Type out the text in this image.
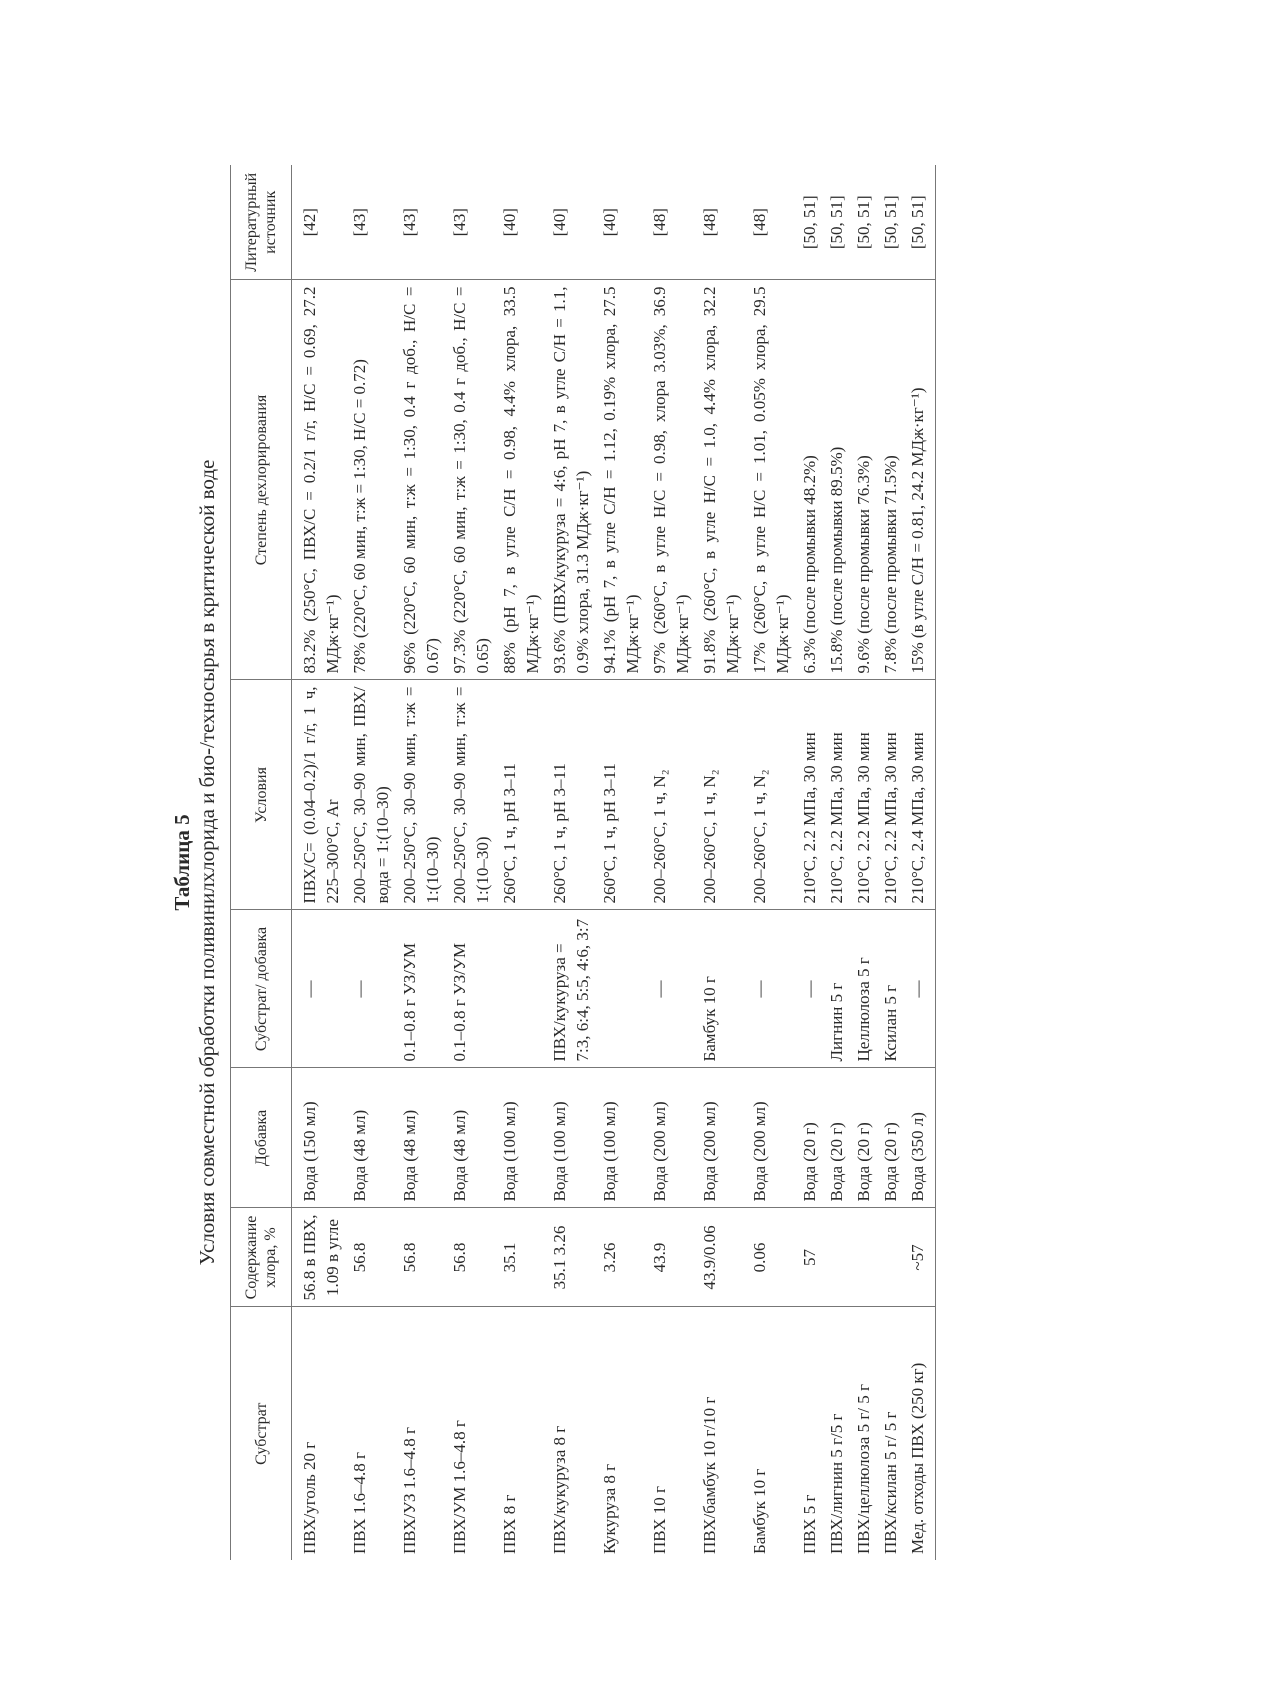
Таблица 5 Условия совместной обработки поливинилхлорида и био-/техносырья в критической воде
Субстрат	Содержание хлора, %	Добавка	Субстрат/ добавка	Условия	Степень дехлорирования	Литературный источник
ПВХ/уголь 20 г	56.8 в ПВХ, 1.09 в угле	Вода (150 мл)	—	ПВХ/С= (0.04–0.2)/1 г/г, 1 ч, 225–300°С, Ar	83.2% (250°С, ПВХ/С = 0.2/1 г/г, Н/С = 0.69, 27.2 МДж·кг⁻¹)	[42]
ПВХ 1.6–4.8 г	56.8	Вода (48 мл)	—	200–250°С, 30–90 мин, ПВХ/вода = 1:(10–30)	78% (220°С, 60 мин, т:ж = 1:30, Н/С = 0.72)	[43]
ПВХ/УЗ 1.6–4.8 г	56.8	Вода (48 мл)	0.1–0.8 г УЗ/УМ	200–250°С, 30–90 мин, т:ж = 1:(10–30)	96% (220°С, 60 мин, т:ж = 1:30, 0.4 г доб., Н/С = 0.67)	[43]
ПВХ/УМ 1.6–4.8 г	56.8	Вода (48 мл)	0.1–0.8 г УЗ/УМ	200–250°С, 30–90 мин, т:ж = 1:(10–30)	97.3% (220°С, 60 мин, т:ж = 1:30, 0.4 г доб., Н/С = 0.65)	[43]
ПВХ 8 г	35.1	Вода (100 мл)		260°С, 1 ч, pH 3–11	88% (pH 7, в угле С/Н = 0.98, 4.4% хлора, 33.5 МДж·кг⁻¹)	[40]
ПВХ/кукуруза 8 г	35.1 3.26	Вода (100 мл)	ПВХ/кукуруза = 7:3, 6:4, 5:5, 4:6, 3:7	260°С, 1 ч, pH 3–11	93.6% (ПВХ/кукуруза = 4:6, pH 7, в угле С/Н = 1.1, 0.9% хлора, 31.3 МДж·кг⁻¹)	[40]
Кукуруза 8 г	3.26	Вода (100 мл)		260°С, 1 ч, pH 3–11	94.1% (pH 7, в угле С/Н = 1.12, 0.19% хлора, 27.5 МДж·кг⁻¹)	[40]
ПВХ 10 г	43.9	Вода (200 мл)	—	200–260°С, 1 ч, N₂	97% (260°С, в угле Н/С = 0.98, хлора 3.03%, 36.9 МДж·кг⁻¹)	[48]
ПВХ/бамбук 10 г/10 г	43.9/0.06	Вода (200 мл)	Бамбук 10 г	200–260°С, 1 ч, N₂	91.8% (260°С, в угле Н/С = 1.0, 4.4% хлора, 32.2 МДж·кг⁻¹)	[48]
Бамбук 10 г	0.06	Вода (200 мл)	—	200–260°С, 1 ч, N₂	17% (260°С, в угле Н/С = 1.01, 0.05% хлора, 29.5 МДж·кг⁻¹)	[48]
ПВХ 5 г	57	Вода (20 г)	—	210°С, 2.2 МПа, 30 мин	6.3% (после промывки 48.2%)	[50, 51]
ПВХ/лигнин 5 г/5 г		Вода (20 г)	Лигнин 5 г	210°С, 2.2 МПа, 30 мин	15.8% (после промывки 89.5%)	[50, 51]
ПВХ/целлюлоза 5 г/ 5 г		Вода (20 г)	Целлюлоза 5 г	210°С, 2.2 МПа, 30 мин	9.6% (после промывки 76.3%)	[50, 51]
ПВХ/ксилан 5 г/ 5 г		Вода (20 г)	Ксилан 5 г	210°С, 2.2 МПа, 30 мин	7.8% (после промывки 71.5%)	[50, 51]
Мед. отходы ПВХ (250 кг)	~57	Вода (350 л)	—	210°С, 2.4 МПа, 30 мин	15% (в угле С/Н = 0.81, 24.2 МДж·кг⁻¹)	[50, 51]
